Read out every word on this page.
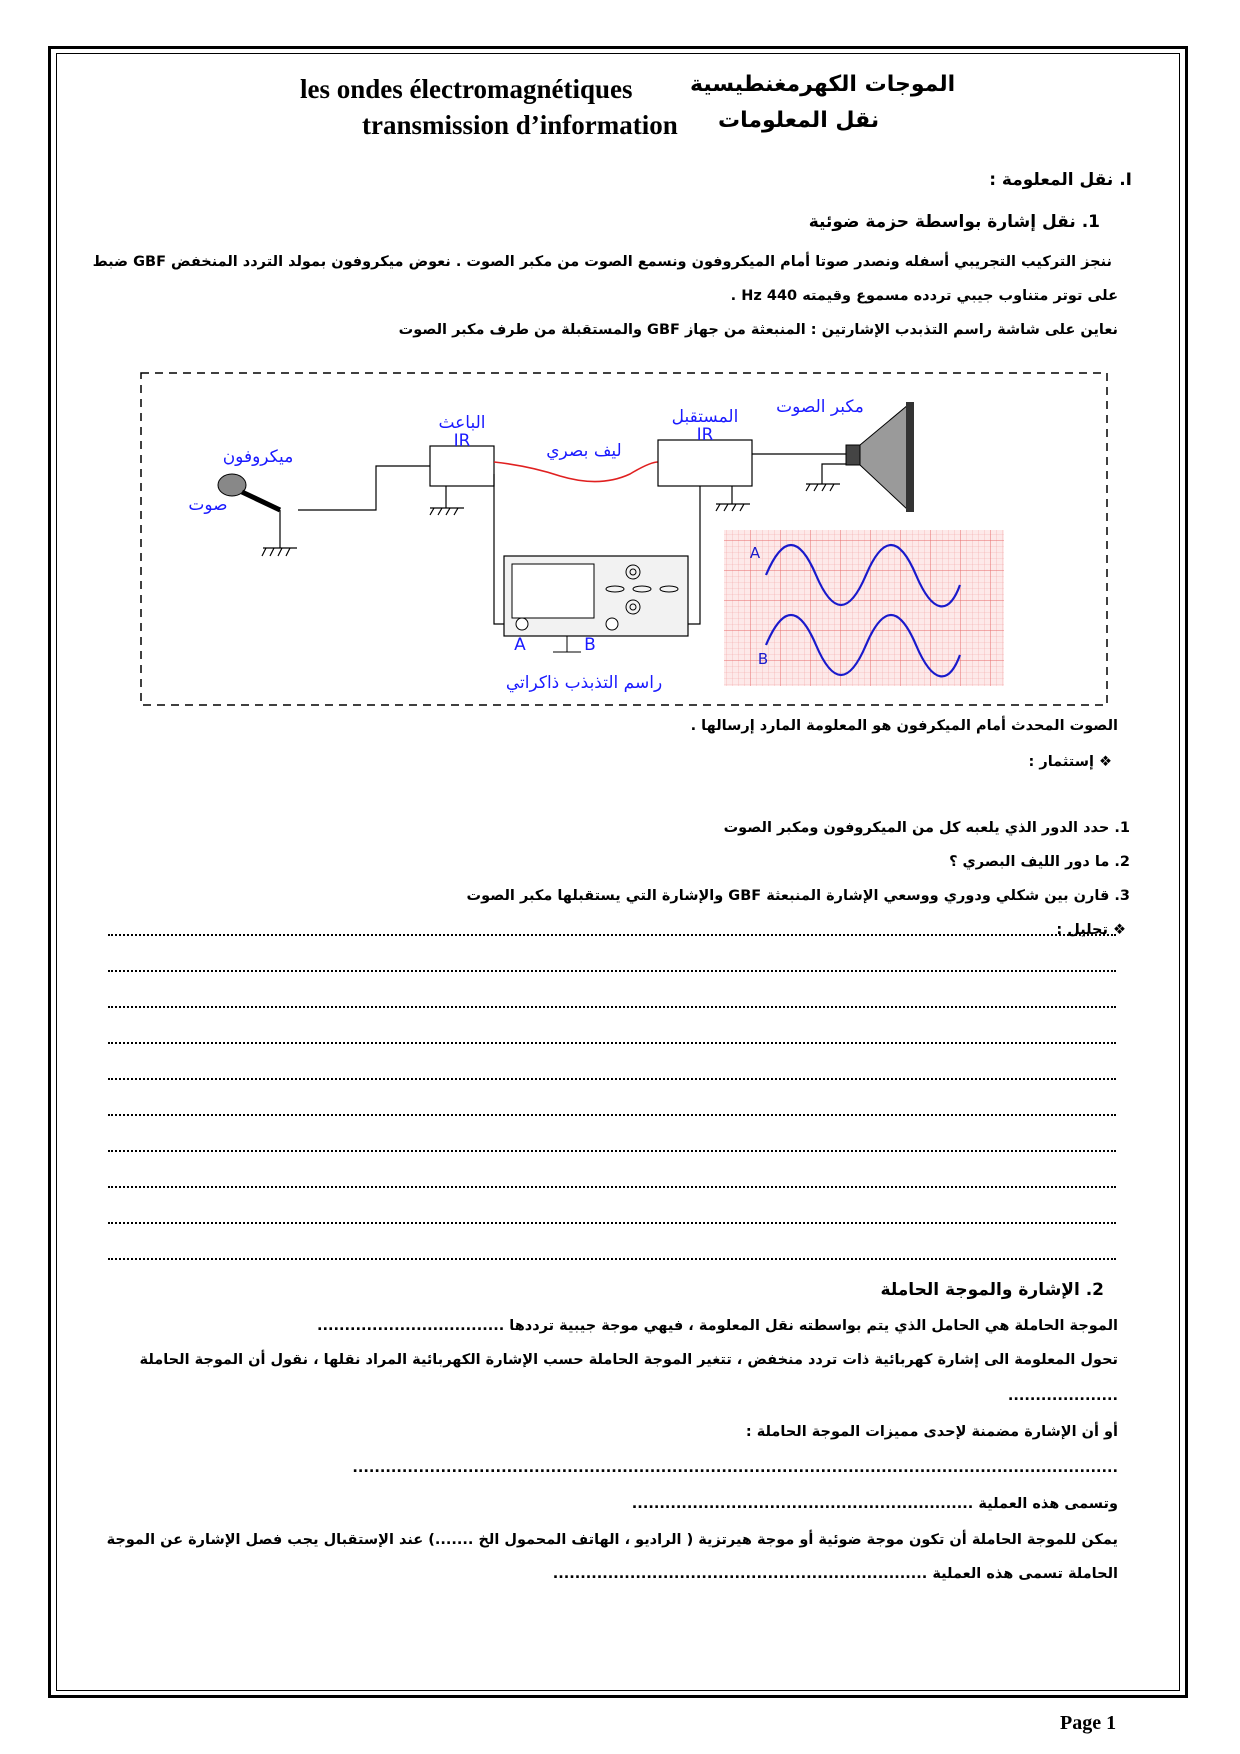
les ondes électromagnétiques	الموجات الكهرمغنطيسية
transmission d’information نقل المعلومات
I. نقل المعلومة :
1. نقل إشارة بواسطة حزمة ضوئية
ننجز التركيب التجريبي أسفله ونصدر صوتا أمام الميكروفون ونسمع الصوت من مكبر الصوت . نعوض ميكروفون بمولد التردد المنخفض GBF ضبط
على توتر متناوب جيبي تردده مسموع وقيمته 440 Hz .
نعاين على شاشة راسم التذبدب الإشارتين : المنبعثة من جهاز GBF والمستقبلة من طرف مكبر الصوت
ميكروفون
صوت
الباعث
IR	ليف بصري
المستقبل
IR
مكبر الصوت
A	B
راسم التذبذب ذاكراتي
A
B
الصوت المحدث أمام الميكرفون هو المعلومة المارد إرسالها .
❖ إستثمار :
1. حدد الدور الذي يلعبه كل من الميكروفون ومكبر الصوت
2. ما دور الليف البصري ؟
3. قارن بين شكلي ودوري ووسعي الإشارة المنبعثة GBF والإشارة التي يستقبلها مكبر الصوت
❖ تحليل :
2. الإشارة والموجة الحاملة
الموجة الحاملة هي الحامل الذي يتم بواسطته نقل المعلومة ، فيهي موجة جيبية ترددها ..................................
تحول المعلومة الى إشارة كهربائية ذات تردد منخفض ، تتغير الموجة الحاملة حسب الإشارة الكهربائية المراد نقلها ، نقول أن الموجة الحاملة
....................
أو أن الإشارة مضمنة لإحدى مميزات الموجة الحاملة :
...........................................................................................................................................
وتسمى هذه العملية ..............................................................
يمكن للموجة الحاملة أن تكون موجة ضوئية أو موجة هيرتزية ( الراديو ، الهاتف المحمول الخ .......) عند الإستقبال يجب فصل الإشارة عن الموجة
الحاملة تسمى هذه العملية ....................................................................
Page 1
